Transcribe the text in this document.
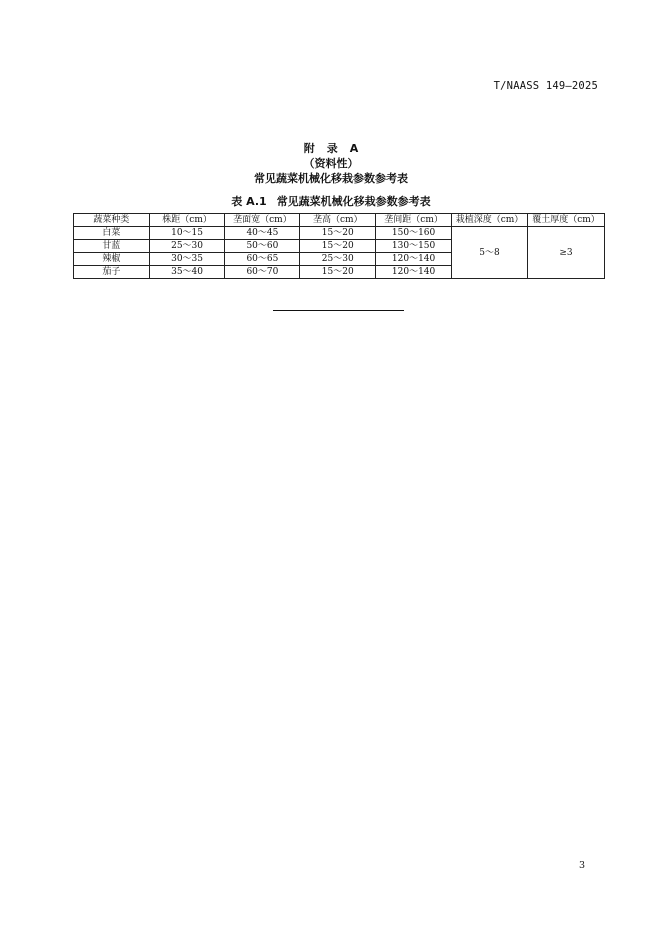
T/NAASS 149—2025
附 录 A
（资料性）
常见蔬菜机械化移栽参数参考表
表 A.1 常见蔬菜机械化移栽参数参考表
蔬菜种类	株距（cm）	垄面宽（cm）	垄高（cm）	垄间距（cm）	栽植深度（cm）	覆土厚度（cm）
白菜	10～15	40～45	15～20	150～160	5～8	≥3
甘蓝	25～30	50～60	15～20	130～150		
辣椒	30～35	60～65	25～30	120～140		
茄子	35～40	60～70	15～20	120～140		
3
